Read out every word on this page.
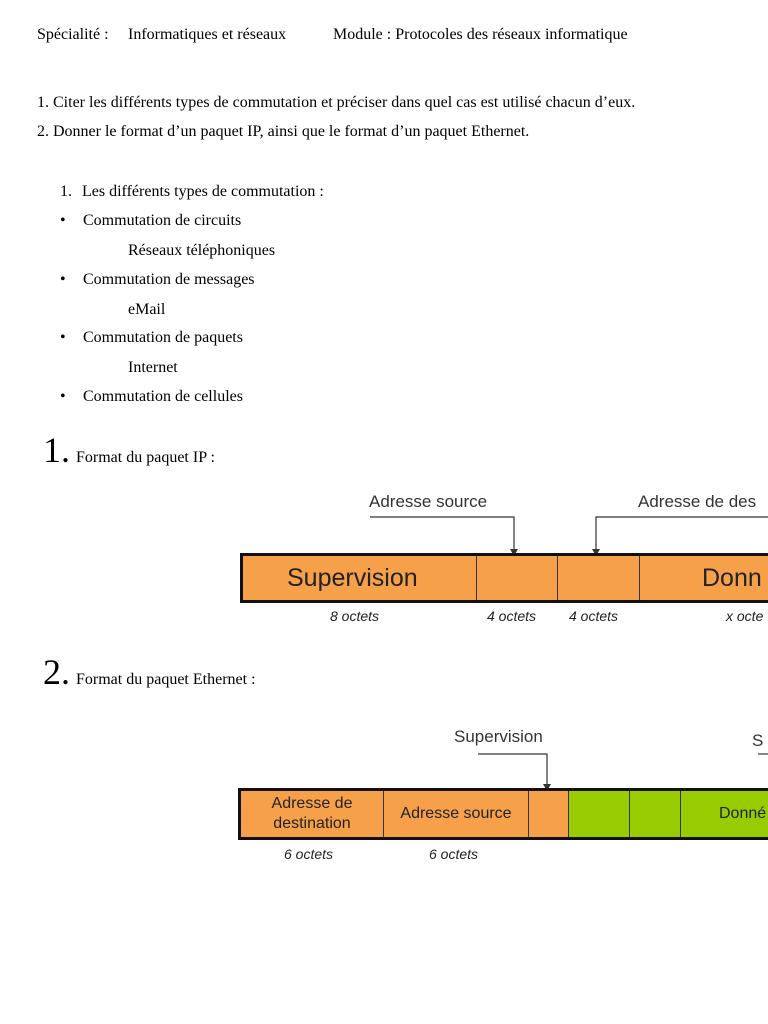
Spécialité : Informatiques et réseaux	Module : Protocoles des réseaux informatique
1. Citer les différents types de commutation et préciser dans quel cas est utilisé chacun d’eux.
2. Donner le format d’un paquet IP, ainsi que le format d’un paquet Ethernet.
1. Les différents types de commutation :
• Commutation de circuits
Réseaux téléphoniques
• Commutation de messages
eMail
• Commutation de paquets
Internet
• Commutation de cellules
1. Format du paquet IP :
Adresse source	Adresse de des
Supervision	Donn
8 octets	4 octets 4 octets	x octe
2. Format du paquet Ethernet :
Supervision	S
Adresse de destination
Adresse source	Donné
6 octets	6 octets
